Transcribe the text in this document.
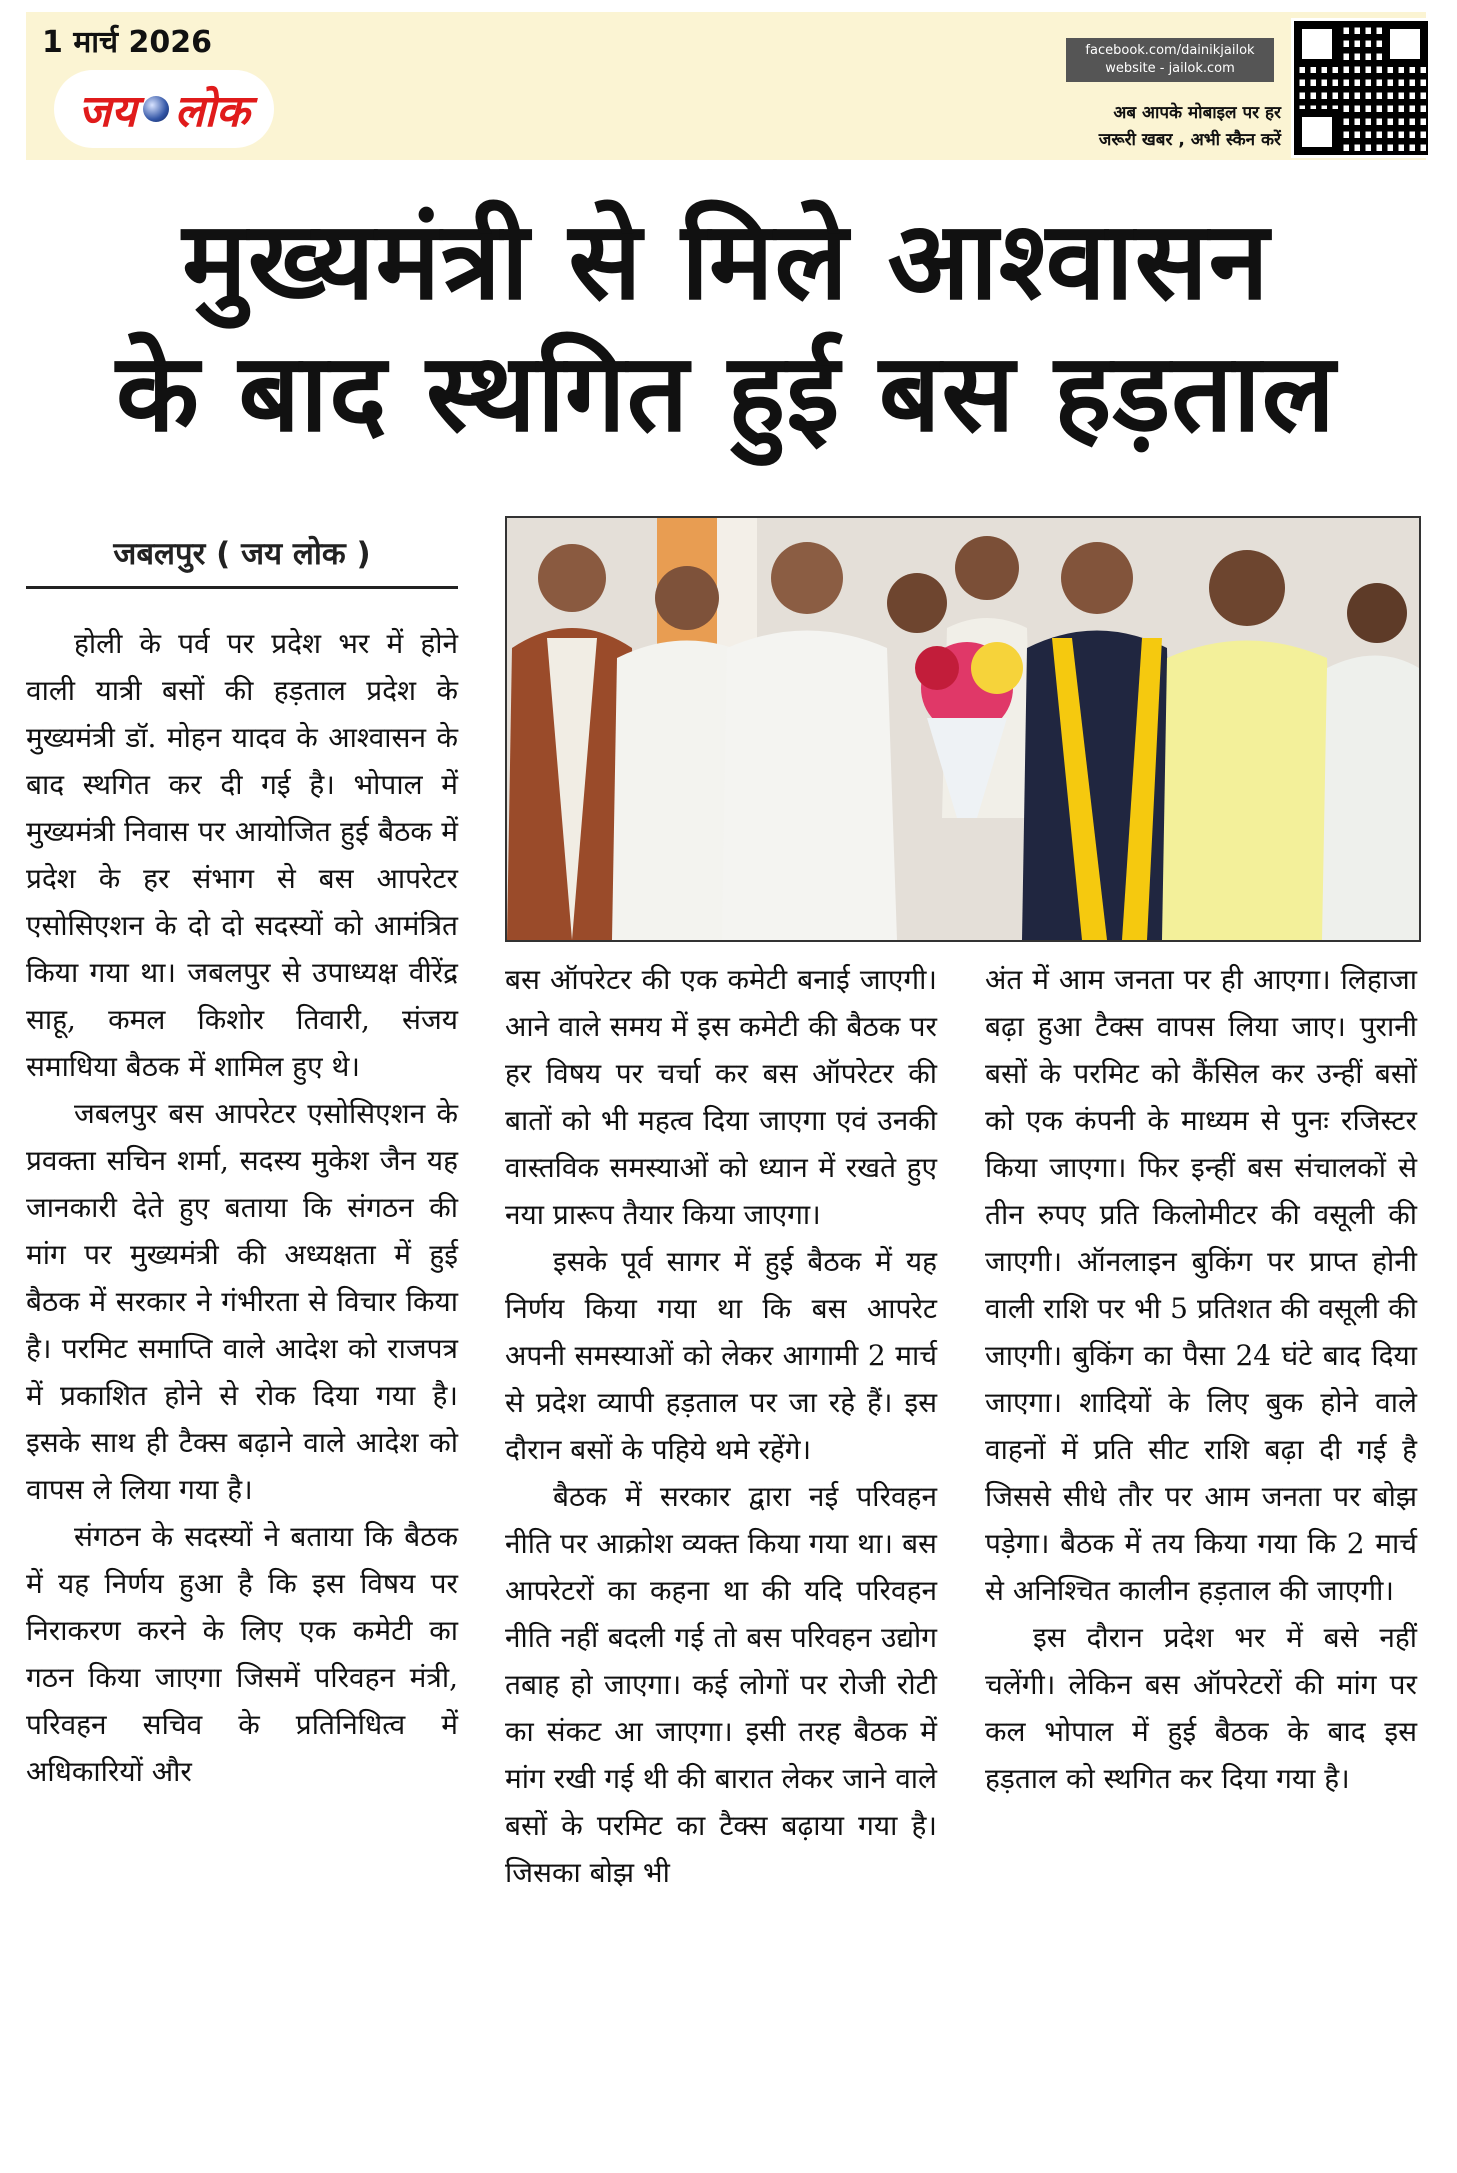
1 मार्च 2026
जय लोक
facebook.com/dainikjailok
website - jailok.com
अब आपके मोबाइल पर हर
जरूरी खबर , अभी स्कैन करें
मुख्यमंत्री से मिले आश्वासन
के बाद स्थगित हुई बस हड़ताल
जबलपुर ( जय लोक )

होली के पर्व पर प्रदेश भर में होने वाली यात्री बसों की हड़ताल प्रदेश के मुख्यमंत्री डॉ. मोहन यादव के आश्वासन के बाद स्थगित कर दी गई है। भोपाल में मुख्यमंत्री निवास पर आयोजित हुई बैठक में प्रदेश के हर संभाग से बस आपरेटर एसोसिएशन के दो दो सदस्यों को आमंत्रित किया गया था। जबलपुर से उपाध्यक्ष वीरेंद्र साहू, कमल किशोर तिवारी, संजय समाधिया बैठक में शामिल हुए थे।

जबलपुर बस आपरेटर एसोसिएशन के प्रवक्ता सचिन शर्मा, सदस्य मुकेश जैन यह जानकारी देते हुए बताया कि संगठन की मांग पर मुख्यमंत्री की अध्यक्षता में हुई बैठक में सरकार ने गंभीरता से विचार किया है। परमिट समाप्ति वाले आदेश को राजपत्र में प्रकाशित होने से रोक दिया गया है। इसके साथ ही टैक्स बढ़ाने वाले आदेश को वापस ले लिया गया है।

संगठन के सदस्यों ने बताया कि बैठक में यह निर्णय हुआ है कि इस विषय पर निराकरण करने के लिए एक कमेटी का गठन किया जाएगा जिसमें परिवहन मंत्री, परिवहन सचिव के प्रतिनिधित्व में अधिकारियों और

बस ऑपरेटर की एक कमेटी बनाई जाएगी। आने वाले समय में इस कमेटी की बैठक पर हर विषय पर चर्चा कर बस ऑपरेटर की बातों को भी महत्व दिया जाएगा एवं उनकी वास्तविक समस्याओं को ध्यान में रखते हुए नया प्रारूप तैयार किया जाएगा।

इसके पूर्व सागर में हुई बैठक में यह निर्णय किया गया था कि बस आपरेट अपनी समस्याओं को लेकर आगामी 2 मार्च से प्रदेश व्यापी हड़ताल पर जा रहे हैं। इस दौरान बसों के पहिये थमे रहेंगे।

बैठक में सरकार द्वारा नई परिवहन नीति पर आक्रोश व्यक्त किया गया था। बस आपरेटरों का कहना था की यदि परिवहन नीति नहीं बदली गई तो बस परिवहन उद्योग तबाह हो जाएगा। कई लोगों पर रोजी रोटी का संकट आ जाएगा। इसी तरह बैठक में मांग रखी गई थी की बारात लेकर जाने वाले बसों के परमिट का टैक्स बढ़ाया गया है। जिसका बोझ भी

अंत में आम जनता पर ही आएगा। लिहाजा बढ़ा हुआ टैक्स वापस लिया जाए। पुरानी बसों के परमिट को कैंसिल कर उन्हीं बसों को एक कंपनी के माध्यम से पुनः रजिस्टर किया जाएगा। फिर इन्हीं बस संचालकों से तीन रुपए प्रति किलोमीटर की वसूली की जाएगी। ऑनलाइन बुकिंग पर प्राप्त होनी वाली राशि पर भी 5 प्रतिशत की वसूली की जाएगी। बुकिंग का पैसा 24 घंटे बाद दिया जाएगा। शादियों के लिए बुक होने वाले वाहनों में प्रति सीट राशि बढ़ा दी गई है जिससे सीधे तौर पर आम जनता पर बोझ पड़ेगा। बैठक में तय किया गया कि 2 मार्च से अनिश्चित कालीन हड़ताल की जाएगी।

इस दौरान प्रदेश भर में बसे नहीं चलेंगी। लेकिन बस ऑपरेटरों की मांग पर कल भोपाल में हुई बैठक के बाद इस हड़ताल को स्थगित कर दिया गया है।
